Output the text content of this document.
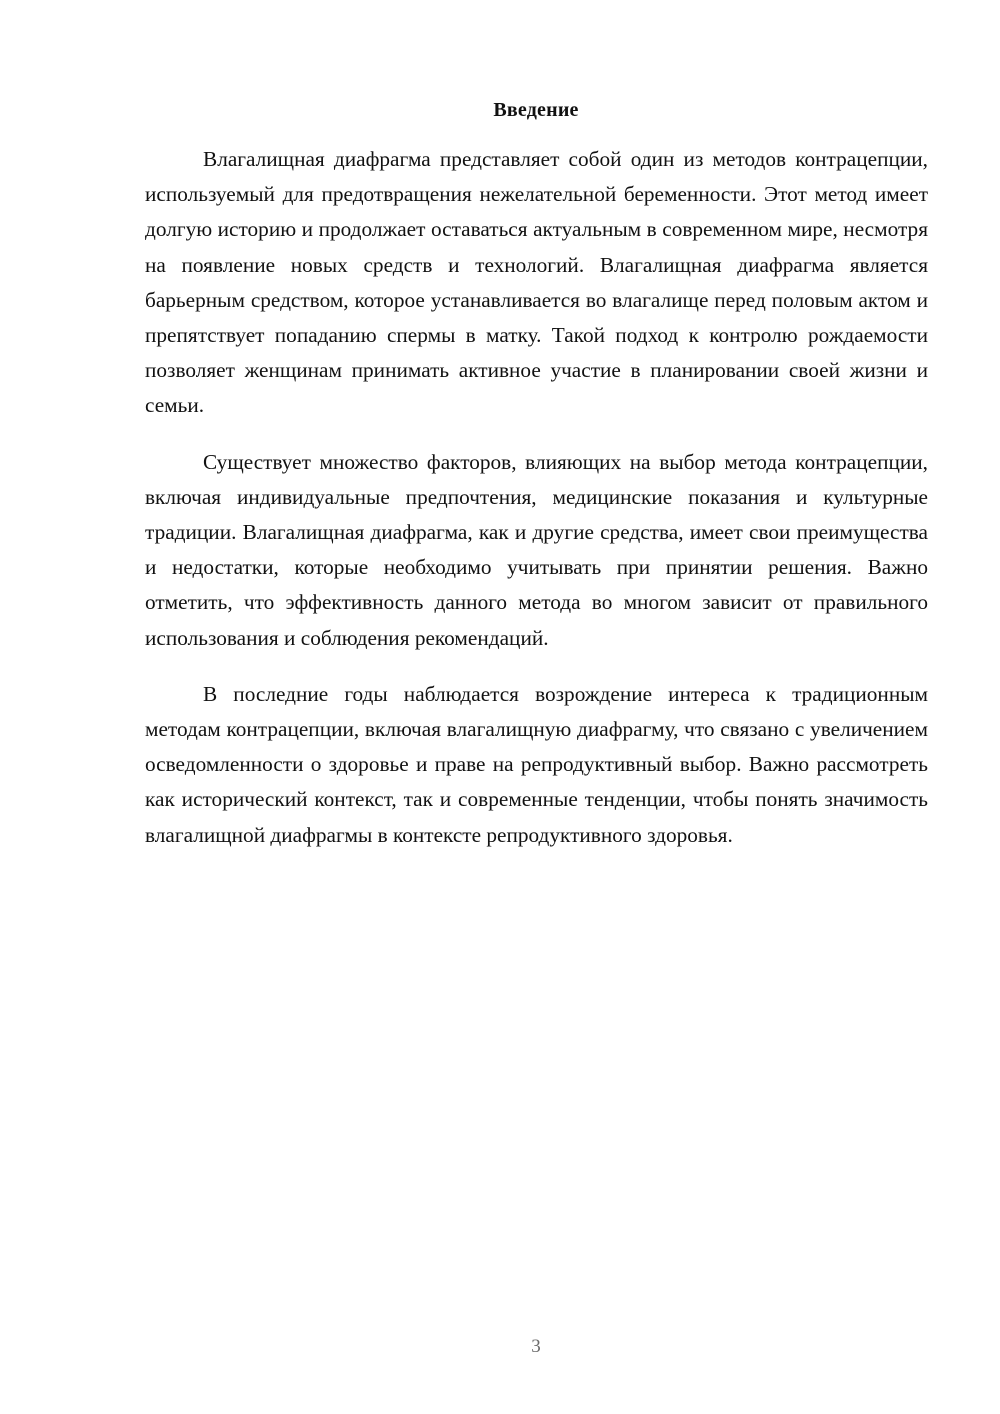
Введение

Влагалищная диафрагма представляет собой один из методов контрацепции, используемый для предотвращения нежелательной беременности. Этот метод имеет долгую историю и продолжает оставаться актуальным в современном мире, несмотря на появление новых средств и технологий. Влагалищная диафрагма является барьерным средством, которое устанавливается во влагалище перед половым актом и препятствует попаданию спермы в матку. Такой подход к контролю рождаемости позволяет женщинам принимать активное участие в планировании своей жизни и семьи.

Существует множество факторов, влияющих на выбор метода контрацепции, включая индивидуальные предпочтения, медицинские показания и культурные традиции. Влагалищная диафрагма, как и другие средства, имеет свои преимущества и недостатки, которые необходимо учитывать при принятии решения. Важно отметить, что эффективность данного метода во многом зависит от правильного использования и соблюдения рекомендаций.

В последние годы наблюдается возрождение интереса к традиционным методам контрацепции, включая влагалищную диафрагму, что связано с увеличением осведомленности о здоровье и праве на репродуктивный выбор. Важно рассмотреть как исторический контекст, так и современные тенденции, чтобы понять значимость влагалищной диафрагмы в контексте репродуктивного здоровья.

3
